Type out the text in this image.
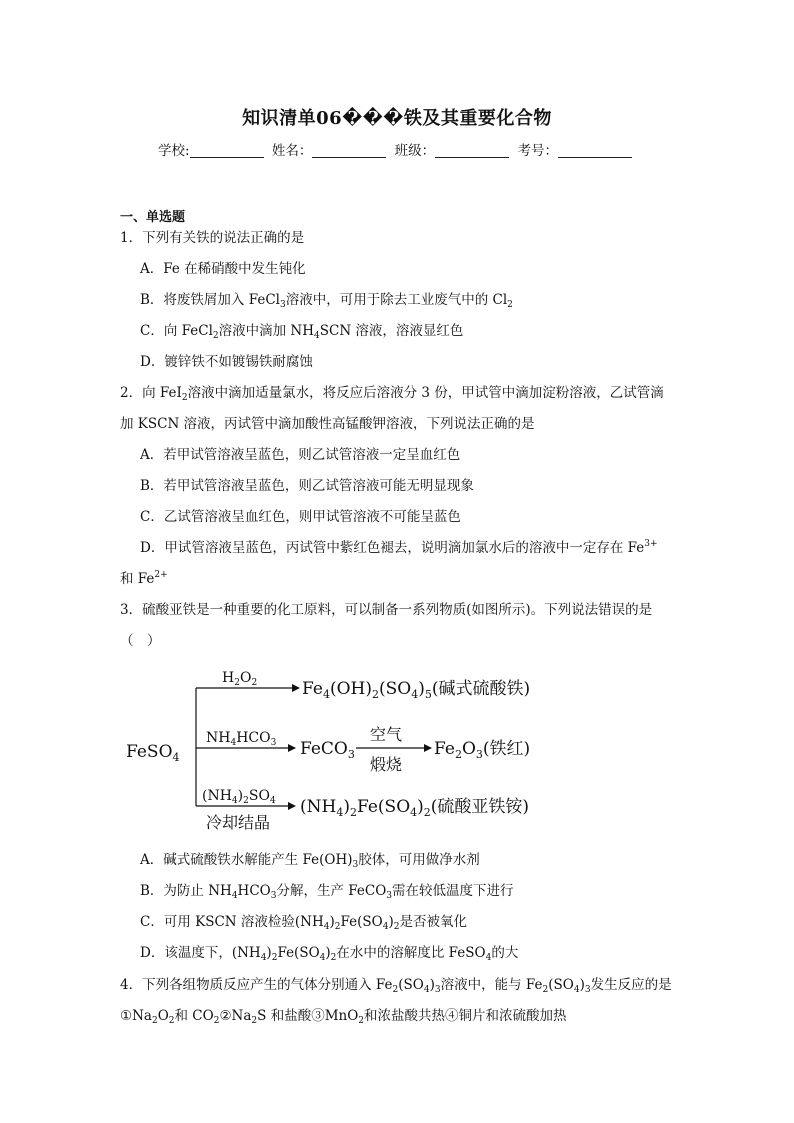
知识清单06���铁及其重要化合物
学校:	姓名：	班级：	考号：
一、单选题
1．下列有关铁的说法正确的是
A．Fe 在稀硝酸中发生钝化
B．将废铁屑加入 FeCl$_3$溶液中，可用于除去工业废气中的 $Cl_2$
C．向 FeCl$_2$溶液中滴加 $NH_4SCN$ 溶液，溶液显红色
D．镀锌铁不如镀锡铁耐腐蚀
2．向 FeI$_2$溶液中滴加适量氯水，将反应后溶液分 3 份，甲试管中滴加淀粉溶液，乙试管滴
加 KSCN 溶液，丙试管中滴加酸性高锰酸钾溶液，下列说法正确的是
A．若甲试管溶液呈蓝色，则乙试管溶液一定呈血红色
B．若甲试管溶液呈蓝色，则乙试管溶液可能无明显现象
C．乙试管溶液呈血红色，则甲试管溶液不可能呈蓝色
D．甲试管溶液呈蓝色，丙试管中紫红色褪去，说明滴加氯水后的溶液中一定存在 $Fe^{3+}$
和 $Fe^{2+}$
3．硫酸亚铁是一种重要的化工原料，可以制备一系列物质(如图所示)。下列说法错误的是
（　）
FeSO$_4$
$H_2O_2$	$Fe_4(OH)_2(SO_4)_5$(碱式硫酸铁)
$NH_4HCO_3$ FeCO$_3$
空气
煅烧
$Fe_2O_3$(铁红)
$(NH_4)_2SO_4$
冷却结晶
$(NH_4)_2Fe(SO_4)_2$(硫酸亚铁铵)
A．碱式硫酸铁水解能产生 $Fe(OH)_3$胶体，可用做净水剂
B．为防止 $NH_4HCO_3$分解，生产 FeCO$_3$需在较低温度下进行
C．可用 KSCN 溶液检验$(NH_4)_2Fe(SO_4)_2$是否被氧化
D．该温度下，$(NH_4)_2Fe(SO_4)_2$在水中的溶解度比 FeSO$_4$的大
4．下列各组物质反应产生的气体分别通入 $Fe_2(SO_4)_3$溶液中，能与 $Fe_2(SO_4)_3$发生反应的是
$①Na_2O_2$和 $CO_2②Na_2S$ 和盐酸③MnO$_2$和浓盐酸共热④铜片和浓硫酸加热
